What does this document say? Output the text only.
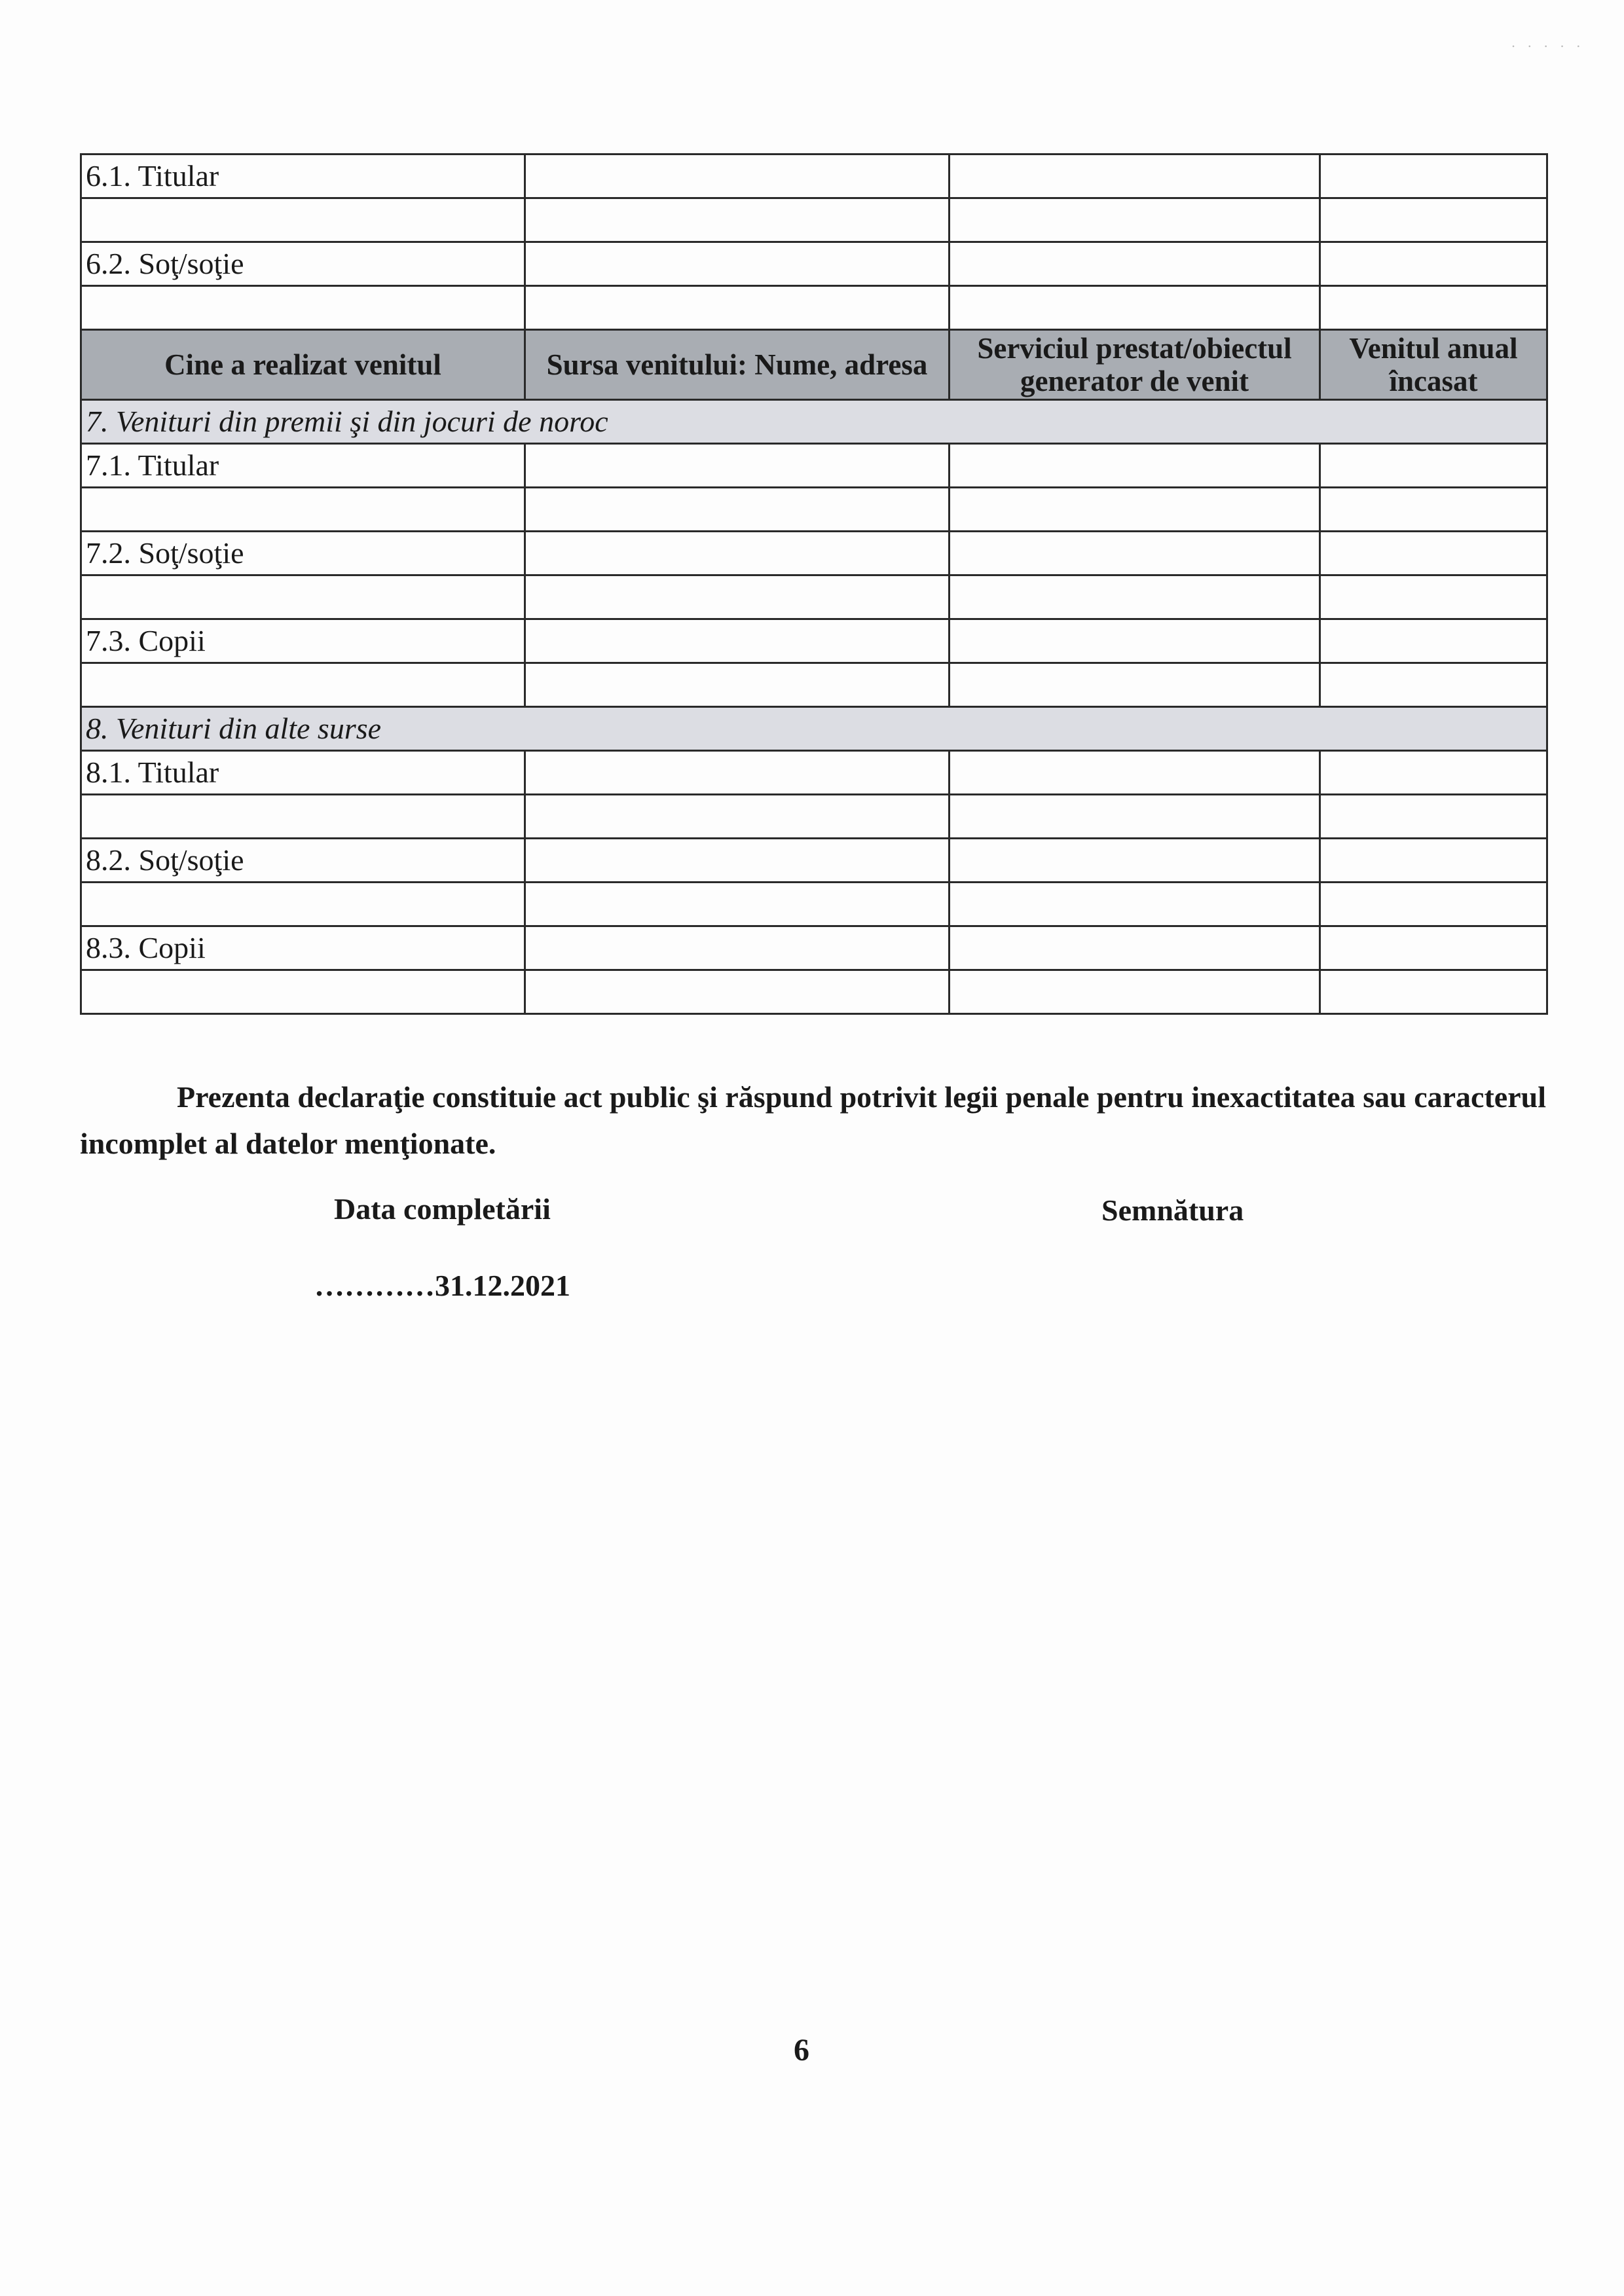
· · · · ·
6.1. Titular			

6.2. Soţ/soţie			

Cine a realizat venitul	Sursa venitului: Nume, adresa	Serviciul prestat/obiectul generator de venit	Venitul anual încasat
7. Venituri din premii şi din jocuri de noroc			
7.1. Titular			

7.2. Soţ/soţie			

7.3. Copii			

8. Venituri din alte surse			
8.1. Titular			

8.2. Soţ/soţie			

8.3. Copii			

Prezenta declaraţie constituie act public şi răspund potrivit legii penale pentru inexactitatea sau caracterul incomplet al datelor menţionate.

Data completării	Semnătura
…………31.12.2021
6
